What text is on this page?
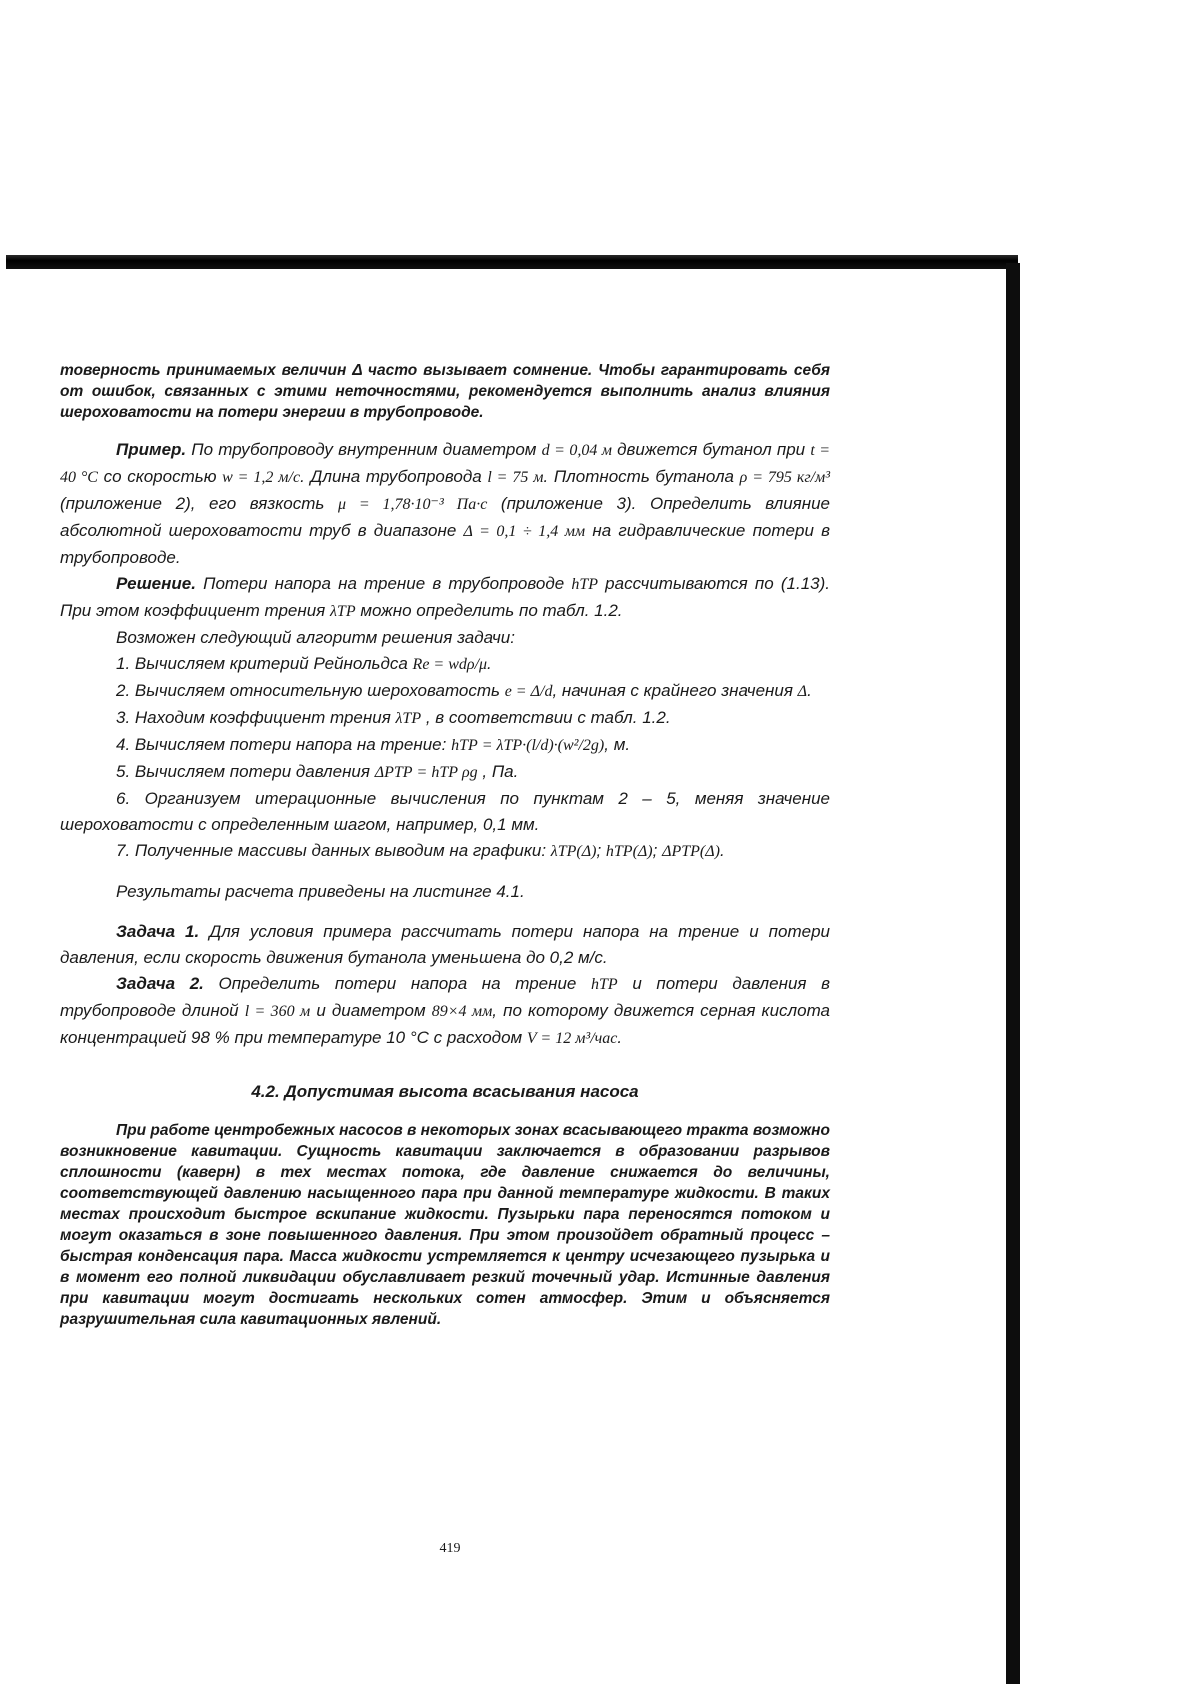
товерность принимаемых величин Δ часто вызывает сомнение. Чтобы гарантировать себя от ошибок, связанных с этими неточностями, рекомендуется выполнить анализ влияния шероховатости на потери энергии в трубопроводе.

Пример. По трубопроводу внутренним диаметром d = 0,04 м движется бутанол при t = 40 °C со скоростью w = 1,2 м/с. Длина трубопровода l = 75 м. Плотность бутанола ρ = 795 кг/м³ (приложение 2), его вязкость μ = 1,78·10⁻³ Па·с (приложение 3). Определить влияние абсолютной шероховатости труб в диапазоне Δ = 0,1 ÷ 1,4 мм на гидравлические потери в трубопроводе.

Решение. Потери напора на трение в трубопроводе hТР рассчитываются по (1.13). При этом коэффициент трения λТР можно определить по табл. 1.2.

Возможен следующий алгоритм решения задачи:

1. Вычисляем критерий Рейнольдса Re = wdρ/μ.

2. Вычисляем относительную шероховатость e = Δ/d, начиная с крайнего значения Δ.

3. Находим коэффициент трения λТР , в соответствии с табл. 1.2.

4. Вычисляем потери напора на трение: hТР = λТР·(l/d)·(w²/2g), м.

5. Вычисляем потери давления ΔPТР = hТР ρg , Па.

6. Организуем итерационные вычисления по пунктам 2 – 5, меняя значение шероховатости с определенным шагом, например, 0,1 мм.

7. Полученные массивы данных выводим на графики: λТР(Δ); hТР(Δ); ΔPТР(Δ).

Результаты расчета приведены на листинге 4.1.

Задача 1. Для условия примера рассчитать потери напора на трение и потери давления, если скорость движения бутанола уменьшена до 0,2 м/с.

Задача 2. Определить потери напора на трение hТР и потери давления в трубопроводе длиной l = 360 м и диаметром 89×4 мм, по которому движется серная кислота концентрацией 98 % при температуре 10 °С с расходом V = 12 м³/час.

4.2. Допустимая высота всасывания насоса

При работе центробежных насосов в некоторых зонах всасывающего тракта возможно возникновение кавитации. Сущность кавитации заключается в образовании разрывов сплошности (каверн) в тех местах потока, где давление снижается до величины, соответствующей давлению насыщенного пара при данной температуре жидкости. В таких местах происходит быстрое вскипание жидкости. Пузырьки пара переносятся потоком и могут оказаться в зоне повышенного давления. При этом произойдет обратный процесс – быстрая конденсация пара. Масса жидкости устремляется к центру исчезающего пузырька и в момент его полной ликвидации обуславливает резкий точечный удар. Истинные давления при кавитации могут достигать нескольких сотен атмосфер. Этим и объясняется разрушительная сила кавитационных явлений.

419
